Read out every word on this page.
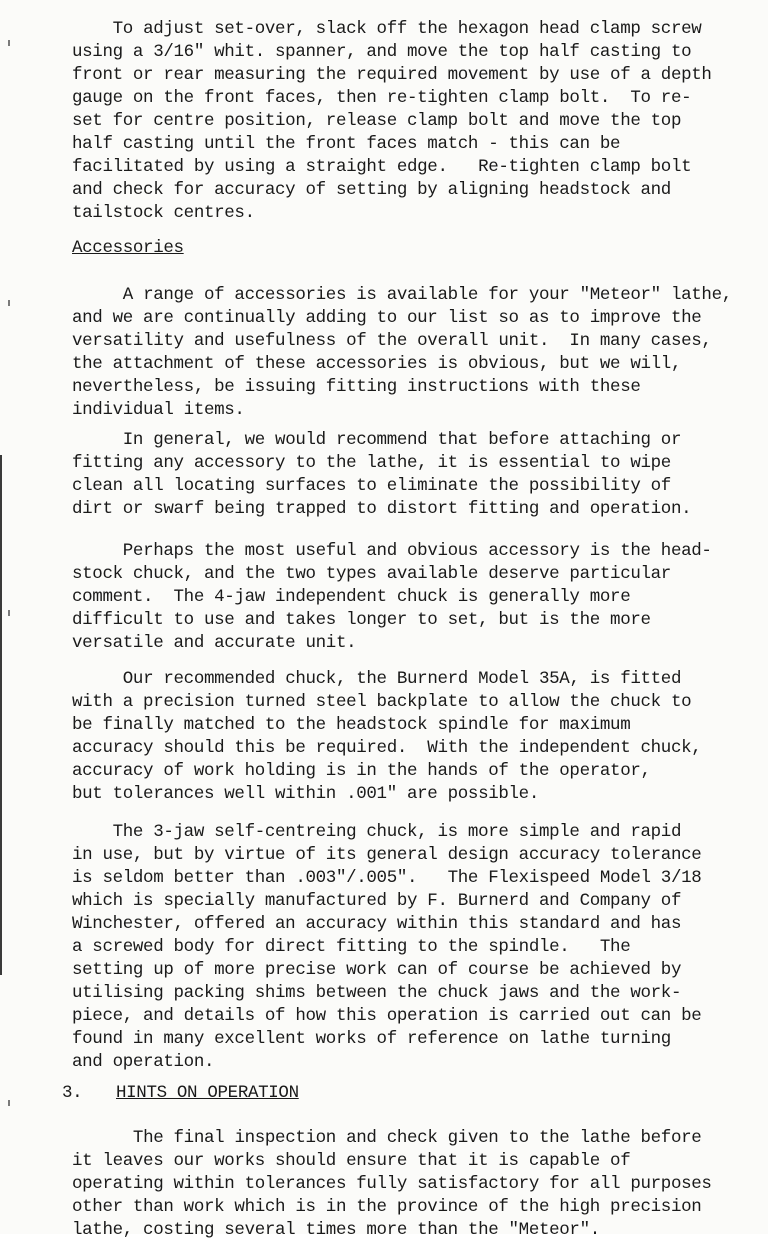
To adjust set-over, slack off the hexagon head clamp screw
using a 3/16" whit. spanner, and move the top half casting to
front or rear measuring the required movement by use of a depth
gauge on the front faces, then re-tighten clamp bolt.  To re-
set for centre position, release clamp bolt and move the top
half casting until the front faces match - this can be
facilitated by using a straight edge.   Re-tighten clamp bolt
and check for accuracy of setting by aligning headstock and
tailstock centres.

Accessories

A range of accessories is available for your "Meteor" lathe,
and we are continually adding to our list so as to improve the
versatility and usefulness of the overall unit.  In many cases,
the attachment of these accessories is obvious, but we will,
nevertheless, be issuing fitting instructions with these
individual items.

In general, we would recommend that before attaching or
fitting any accessory to the lathe, it is essential to wipe
clean all locating surfaces to eliminate the possibility of
dirt or swarf being trapped to distort fitting and operation.

Perhaps the most useful and obvious accessory is the head-
stock chuck, and the two types available deserve particular
comment.  The 4-jaw independent chuck is generally more
difficult to use and takes longer to set, but is the more
versatile and accurate unit.

Our recommended chuck, the Burnerd Model 35A, is fitted
with a precision turned steel backplate to allow the chuck to
be finally matched to the headstock spindle for maximum
accuracy should this be required.  With the independent chuck,
accuracy of work holding is in the hands of the operator,
but tolerances well within .001" are possible.

The 3-jaw self-centreing chuck, is more simple and rapid
in use, but by virtue of its general design accuracy tolerance
is seldom better than .003"/.005".   The Flexispeed Model 3/18
which is specially manufactured by F. Burnerd and Company of
Winchester, offered an accuracy within this standard and has
a screwed body for direct fitting to the spindle.   The
setting up of more precise work can of course be achieved by
utilising packing shims between the chuck jaws and the work-
piece, and details of how this operation is carried out can be
found in many excellent works of reference on lathe turning
and operation.

3. HINTS ON OPERATION

The final inspection and check given to the lathe before
it leaves our works should ensure that it is capable of
operating within tolerances fully satisfactory for all purposes
other than work which is in the province of the high precision
lathe, costing several times more than the "Meteor".
